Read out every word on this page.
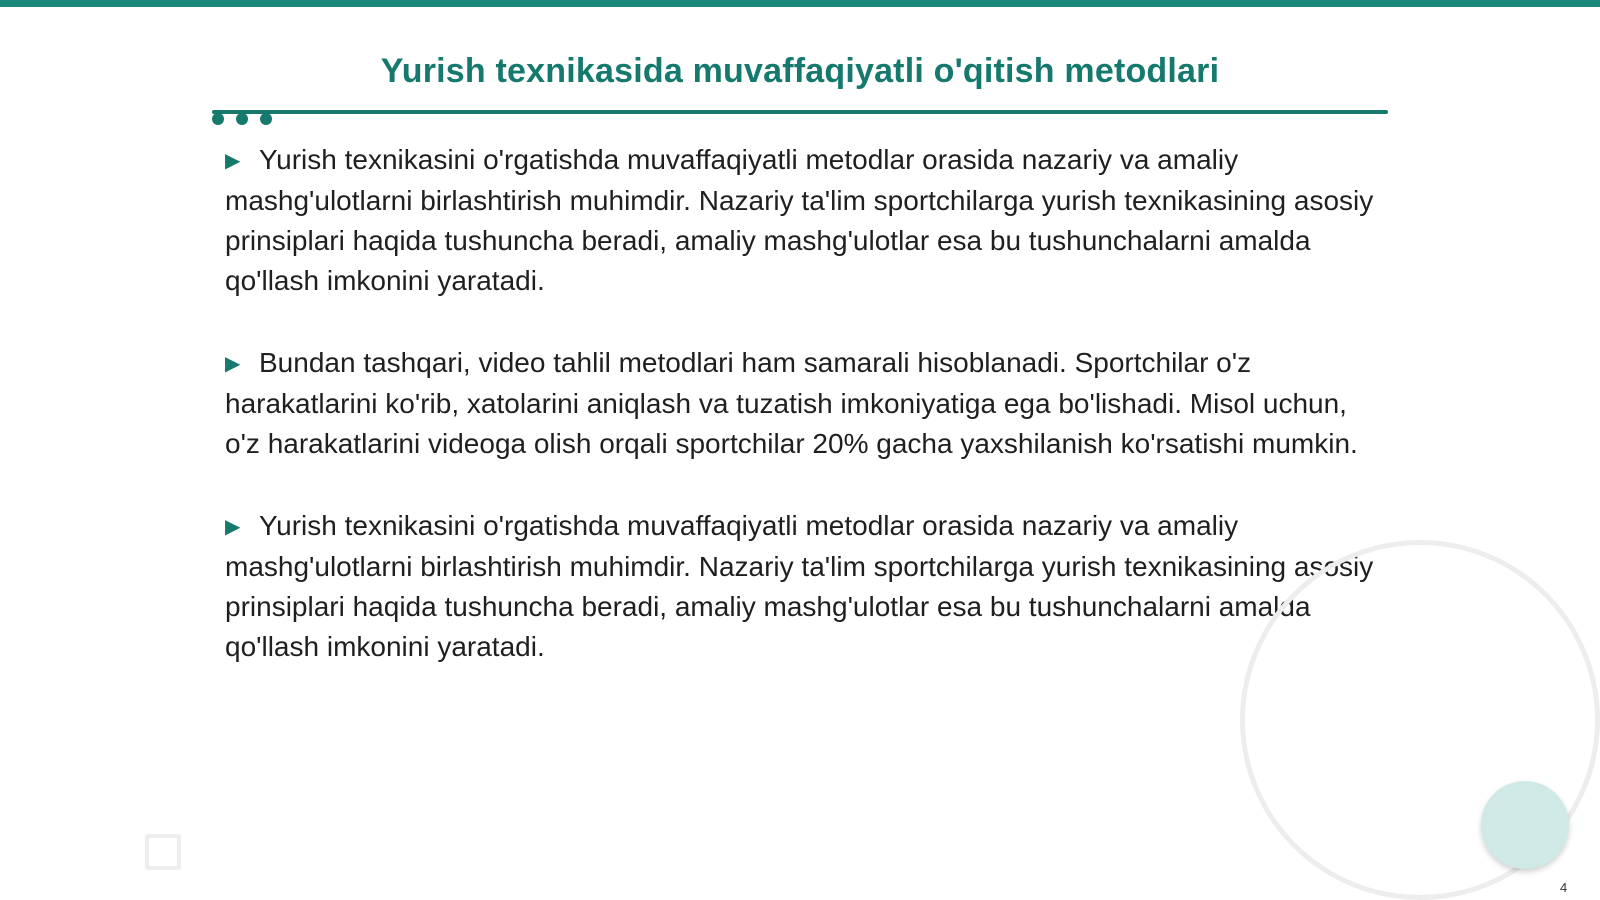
Yurish texnikasida muvaffaqiyatli o'qitish metodlari

▶ Yurish texnikasini o'rgatishda muvaffaqiyatli metodlar orasida nazariy va amaliy mashg'ulotlarni birlashtirish muhimdir. Nazariy ta'lim sportchilarga yurish texnikasining asosiy prinsiplari haqida tushuncha beradi, amaliy mashg'ulotlar esa bu tushunchalarni amalda qo'llash imkonini yaratadi.

▶ Bundan tashqari, video tahlil metodlari ham samarali hisoblanadi. Sportchilar o'z harakatlarini ko'rib, xatolarini aniqlash va tuzatish imkoniyatiga ega bo'lishadi. Misol uchun, o'z harakatlarini videoga olish orqali sportchilar 20% gacha yaxshilanish ko'rsatishi mumkin.

▶ Yurish texnikasini o'rgatishda muvaffaqiyatli metodlar orasida nazariy va amaliy mashg'ulotlarni birlashtirish muhimdir. Nazariy ta'lim sportchilarga yurish texnikasining asosiy prinsiplari haqida tushuncha beradi, amaliy mashg'ulotlar esa bu tushunchalarni amalda qo'llash imkonini yaratadi.

4
